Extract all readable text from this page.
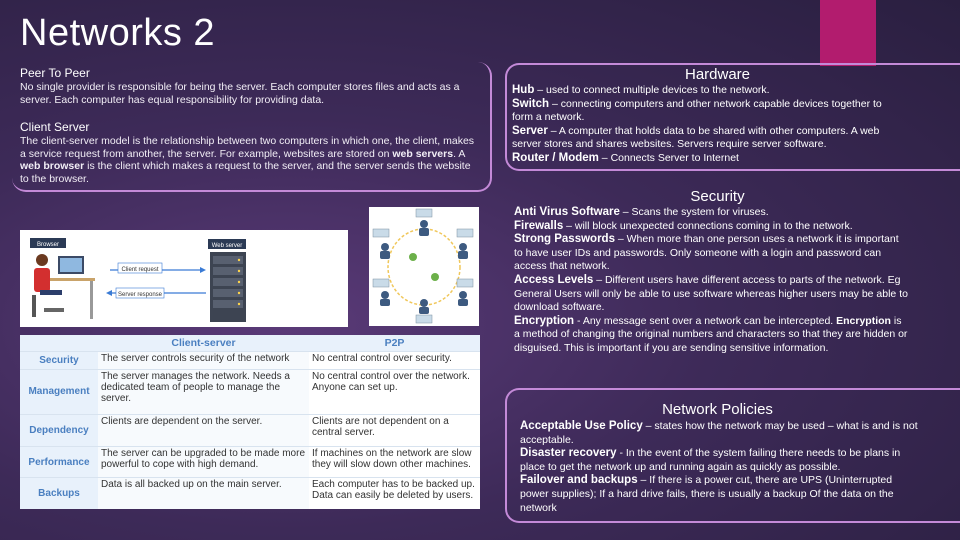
Networks 2
Peer To Peer
No single provider is responsible for being the server. Each computer stores files and acts as a server. Each computer has equal responsibility for providing data.
Client Server
The client-server model is the relationship between two computers in which one, the client, makes a service request from another, the server. For example, websites are stored on web servers. A web browser is the client which makes a request to the server, and the server sends the website to the browser.
Browser	Web server
Client request
Server response
	Client-server	P2P
Security	The server controls security of the network	No central control over security.
Management	The server manages the network. Needs a dedicated team of people to manage the server.	No central control over the network. Anyone can set up.
Dependency	Clients are dependent on the server.	Clients are not dependent on a central server.
Performance	The server can be upgraded to be made more powerful to cope with high demand.	If machines on the network are slow they will slow down other machines.
Backups	Data is all backed up on the main server.	Each computer has to be backed up. Data can easily be deleted by users.
Hardware
Hub – used to connect multiple devices to the network.
Switch – connecting computers and other network capable devices together to form a network.
Server – A computer that holds data to be shared with other computers. A web server stores and shares websites. Servers require server software.
Router / Modem – Connects Server to Internet
Security
Anti Virus Software – Scans the system for viruses.
Firewalls – will block unexpected connections coming in to the network.
Strong Passwords – When more than one person uses a network it is important to have user IDs and passwords. Only someone with a login and password can access that network.
Access Levels – Different users have different access to parts of the network. Eg General Users will only be able to use software whereas higher users may be able to download software.
Encryption - Any message sent over a network can be intercepted. Encryption is a method of changing the original numbers and characters so that they are hidden or disguised. This is important if you are sending sensitive information.
Network Policies
Acceptable Use Policy – states how the network may be used – what is and is not acceptable.
Disaster recovery - In the event of the system failing there needs to be plans in place to get the network up and running again as quickly as possible.
Failover and backups – If there is a power cut, there are UPS (Uninterrupted power supplies); If a hard drive fails, there is usually a backup Of the data on the network
